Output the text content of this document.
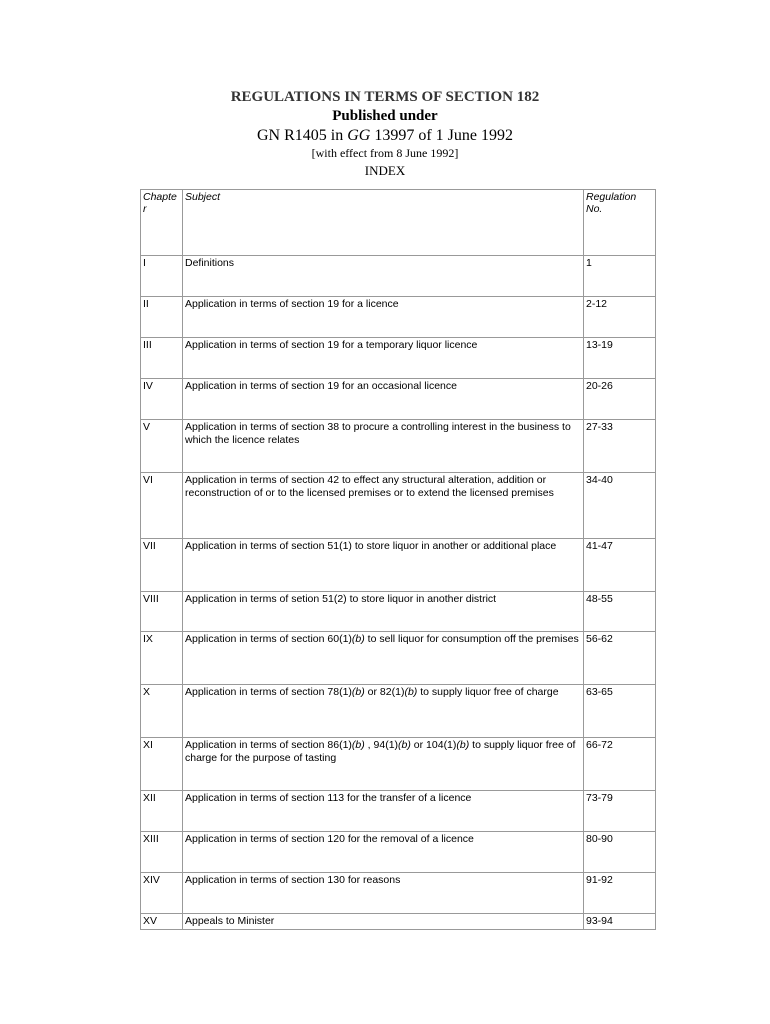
REGULATIONS IN TERMS OF SECTION 182
Published under
GN R1405 in GG 13997 of 1 June 1992
[with effect from 8 June 1992]
INDEX
Chapte r	Subject	Regulation No.

I	Definitions	1
II	Application in terms of section 19 for a licence	2-12
III	Application in terms of section 19 for a temporary liquor licence	13-19
IV	Application in terms of section 19 for an occasional licence	20-26
V	Application in terms of section 38 to procure a controlling interest in the business to which the licence relates	27-33
VI	Application in terms of section 42 to effect any structural alteration, addition or reconstruction of or to the licensed premises or to extend the licensed premises	34-40
VII	Application in terms of section 51(1) to store liquor in another or additional place	41-47
VIII	Application in terms of setion 51(2) to store liquor in another district	48-55
IX	Application in terms of section 60(1)(b) to sell liquor for consumption off the premises	56-62
X	Application in terms of section 78(1)(b) or 82(1)(b) to supply liquor free of charge	63-65
XI	Application in terms of section 86(1)(b) , 94(1)(b) or 104(1)(b) to supply liquor free of charge for the purpose of tasting	66-72
XII	Application in terms of section 113 for the transfer of a licence	73-79
XIII	Application in terms of section 120 for the removal of a licence	80-90
XIV	Application in terms of section 130 for reasons	91-92
XV	Appeals to Minister	93-94
